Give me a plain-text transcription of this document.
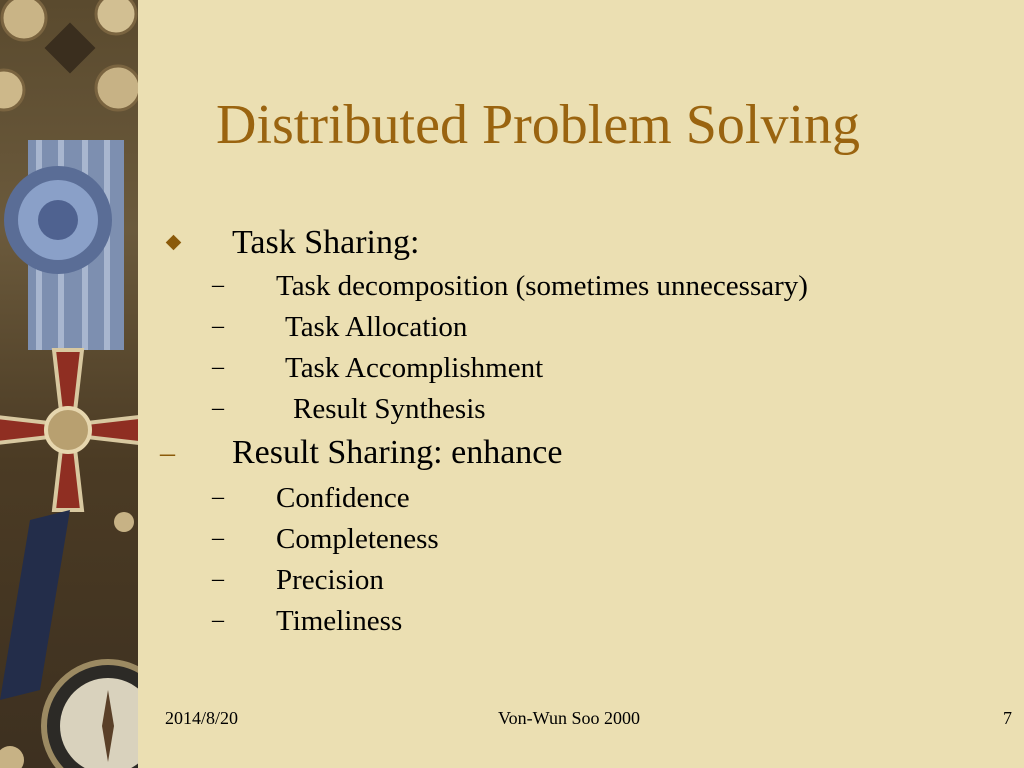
Distributed Problem Solving
Task Sharing:
– Task decomposition (sometimes unnecessary)
– Task Allocation
– Task Accomplishment
– Result Synthesis
– Result Sharing: enhance
– Confidence
– Completeness
– Precision
– Timeliness
2014/8/20	Von-Wun Soo 2000	7
